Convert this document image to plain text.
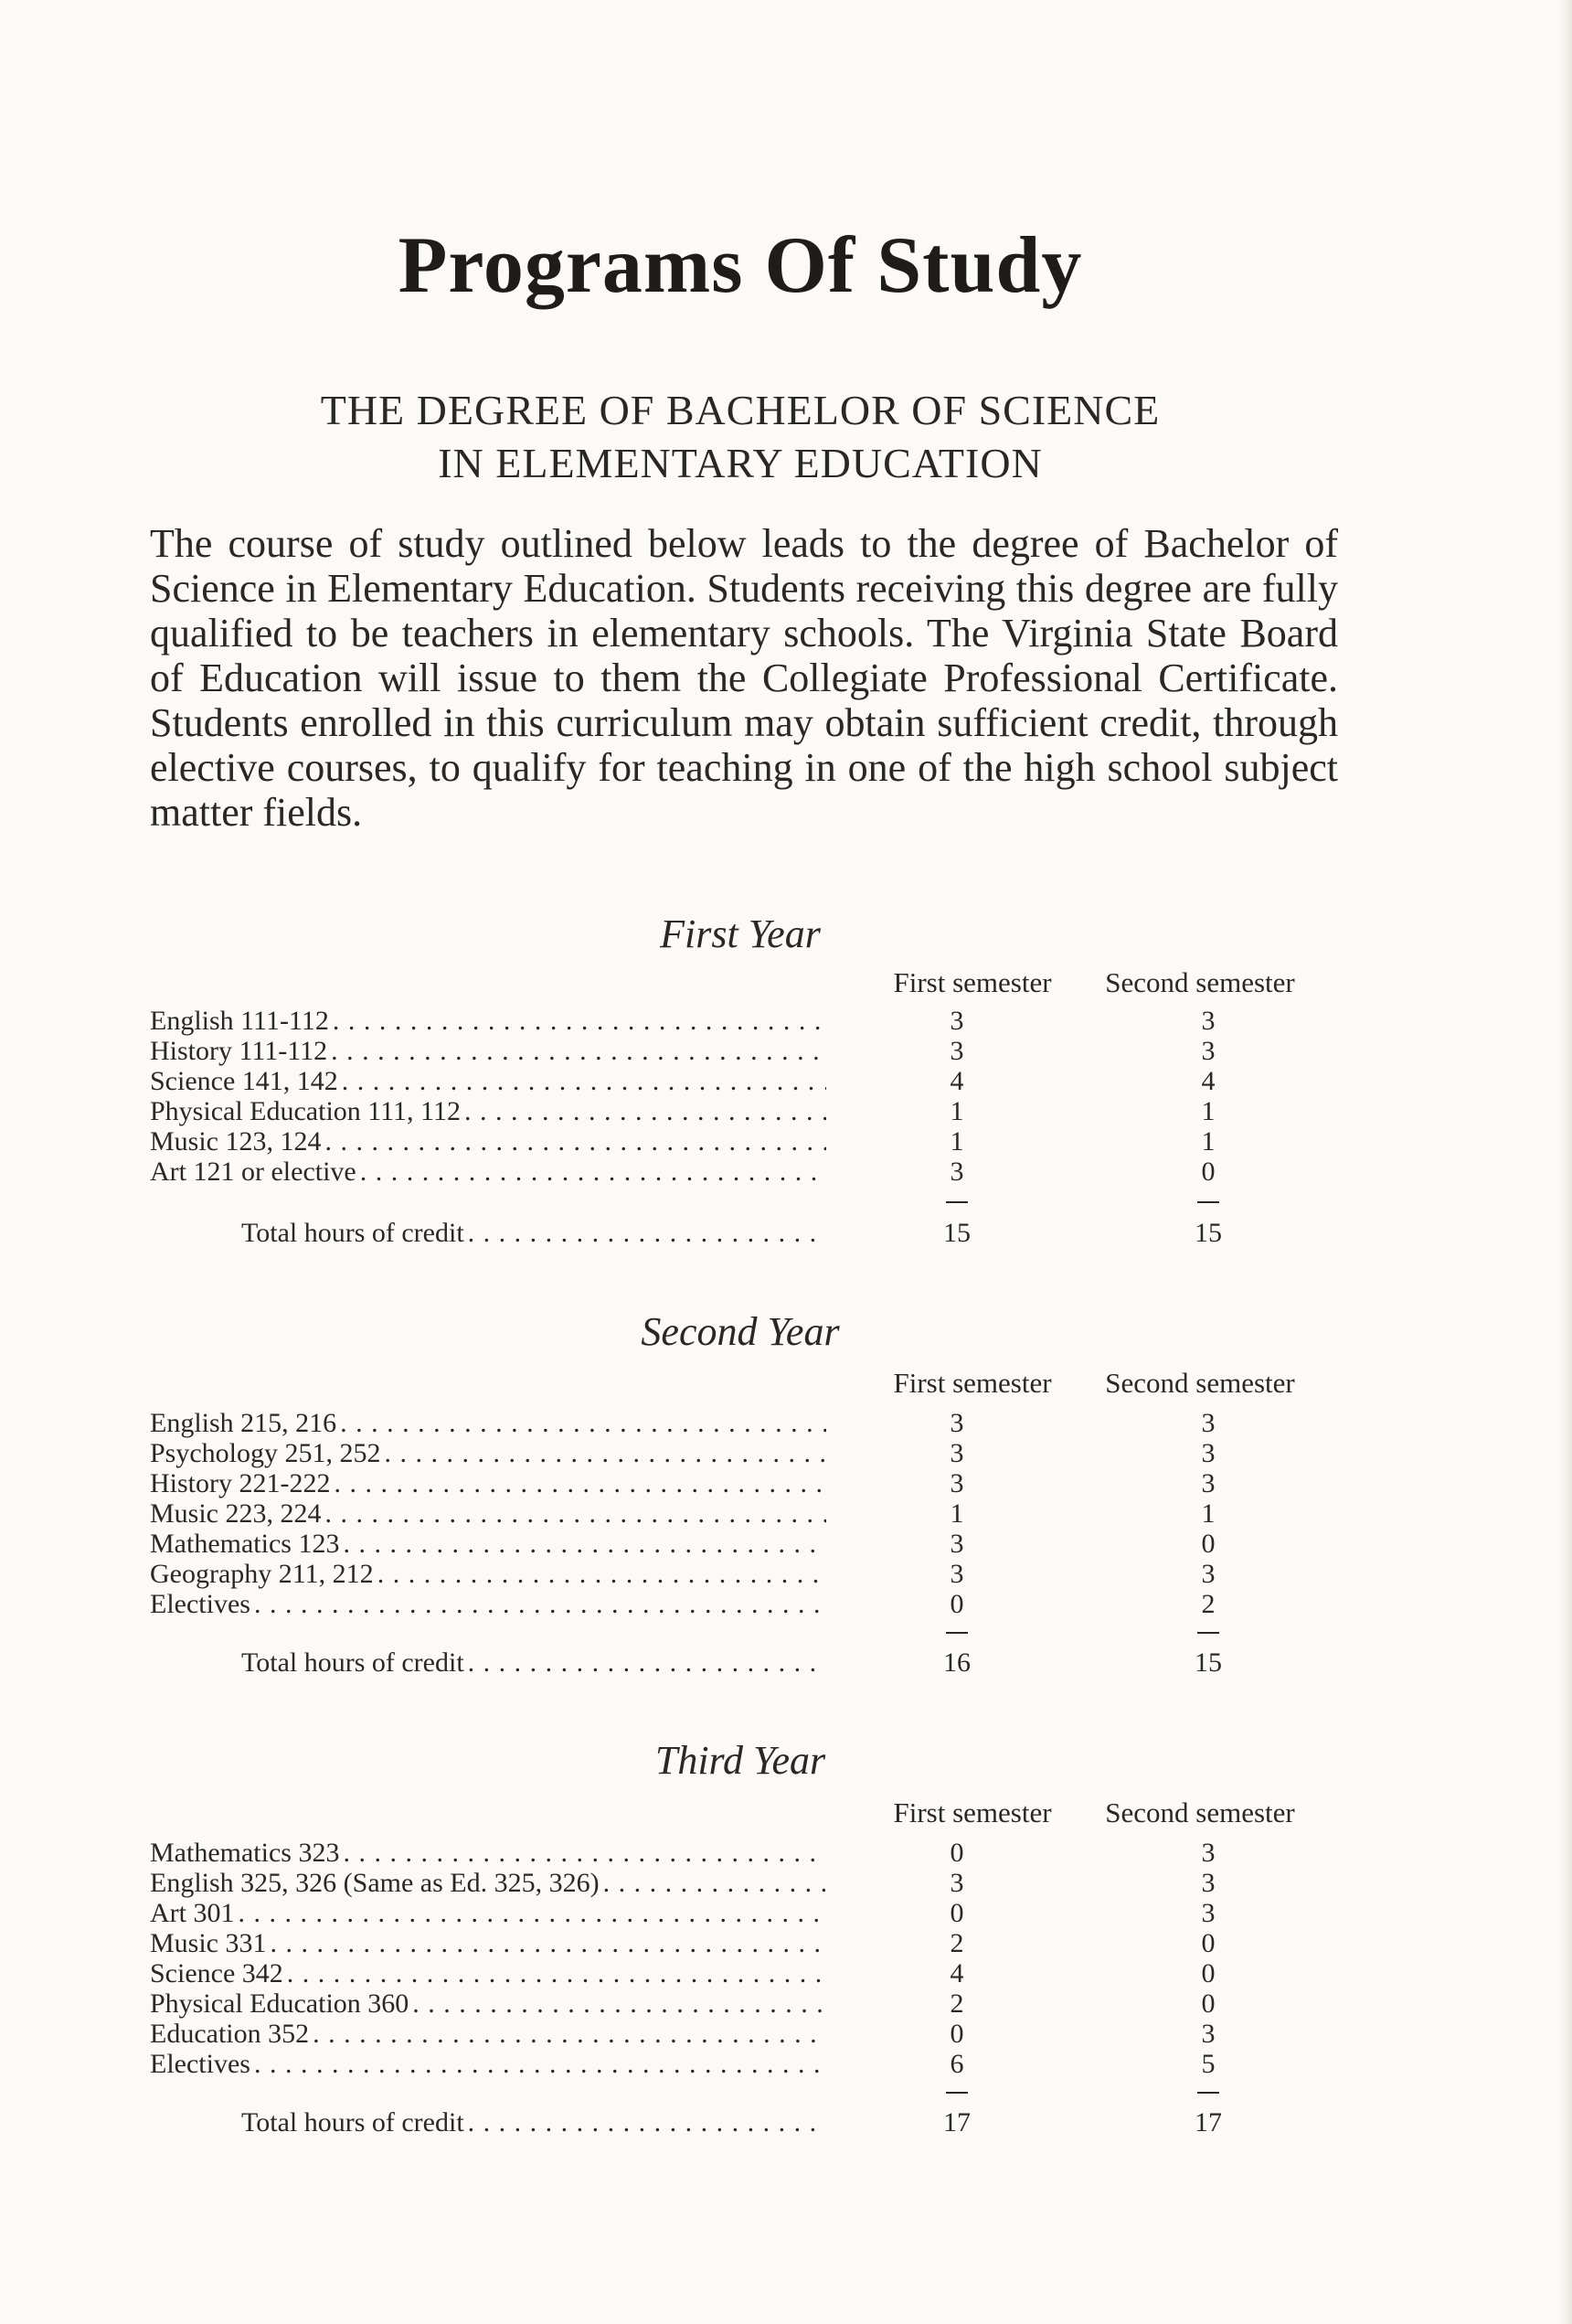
Programs Of Study
THE DEGREE OF BACHELOR OF SCIENCE
IN ELEMENTARY EDUCATION

The course of study outlined below leads to the degree of Bachelor of Science in Elementary Education. Students receiving this degree are fully qualified to be teachers in elementary schools. The Virginia State Board of Education will issue to them the Collegiate Professional Certificate. Students enrolled in this curriculum may obtain sufficient credit, through elective courses, to qualify for teaching in one of the high school subject matter fields.

First Year
First semester	Second semester
English 111-112 . . .	3	3
History 111-112 . . .	3	3
Science 141, 142 . . .	4	4
Physical Education 111, 112 . . .	1	1
Music 123, 124 . . .	1	1
Art 121 or elective . . .	3	0
Total hours of credit . . .	15	15
Second Year
First semester	Second semester
English 215, 216 . . .	3	3
Psychology 251, 252 . . .	3	3
History 221-222 . . .	3	3
Music 223, 224 . . .	1	1
Mathematics 123 . . .	3	0
Geography 211, 212 . . .	3	3
Electives . . .	0	2
Total hours of credit . . .	16	15
Third Year
First semester	Second semester
Mathematics 323 . . .	0	3
English 325, 326 (Same as Ed. 325, 326) . . .	3	3
Art 301 . . .	0	3
Music 331 . . .	2	0
Science 342 . . .	4	0
Physical Education 360 . . .	2	0
Education 352 . . .	0	3
Electives . . .	6	5
Total hours of credit . . .	17	17
